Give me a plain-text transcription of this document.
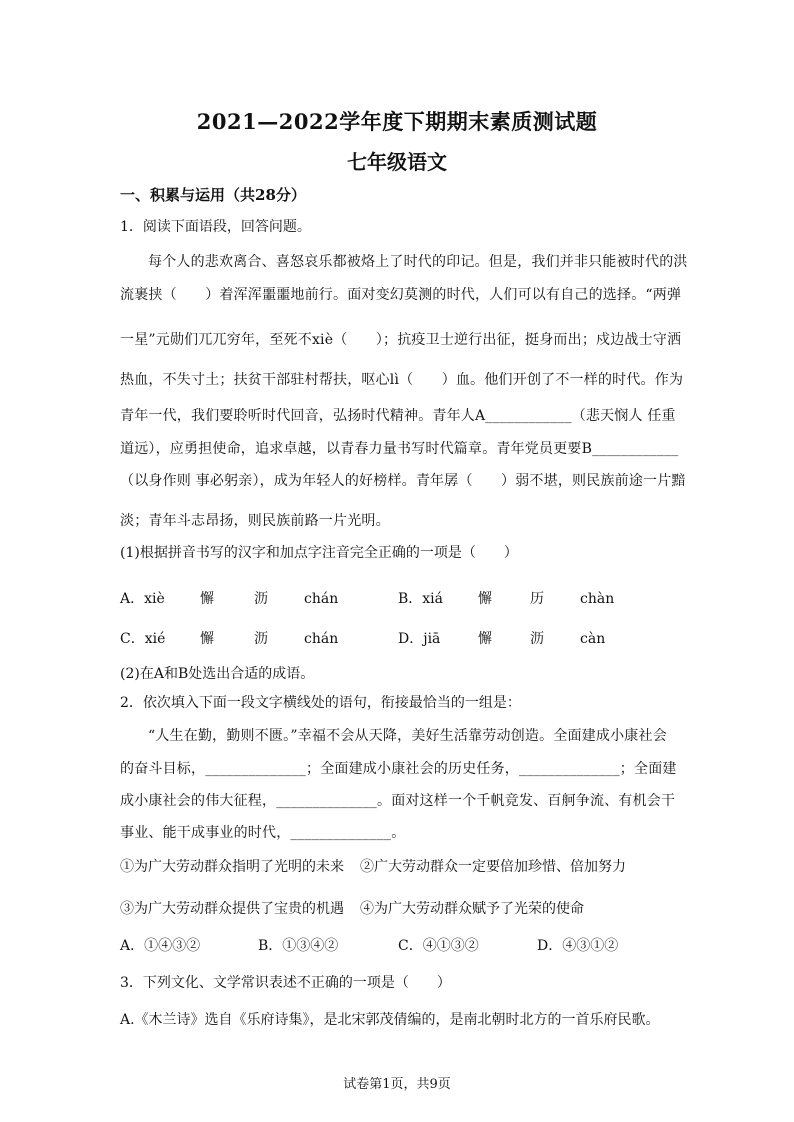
2021—2022学年度下期期末素质测试题
七年级语文
一、积累与运用（共28分）
1．阅读下面语段，回答问题。
每个人的悲欢离合、喜怒哀乐都被烙上了时代的印记。但是，我们并非只能被时代的洪
流裹挟（　　）着浑浑噩噩地前行。面对变幻莫测的时代，人们可以有自己的选择。“两弹
一星”元勋们兀兀穷年，至死不xiè（　　）；抗疫卫士逆行出征，挺身而出；戍边战士守洒
热血，不失寸土；扶贫干部驻村帮扶，呕心lì（　　）血。他们开创了不一样的时代。作为
青年一代，我们要聆听时代回音，弘扬时代精神。青年人A____________（悲天悯人 任重
道远），应勇担使命，追求卓越，以青春力量书写时代篇章。青年党员更要B____________
（以身作则 事必躬亲），成为年轻人的好榜样。青年孱（　　）弱不堪，则民族前途一片黯
淡；青年斗志昂扬，则民族前路一片光明。
(1)根据拼音书写的汉字和加点字注音完全正确的一项是（　　）
A．xiè	懈	沥	chán	B．xiá 懈	历	chàn
C．xié 懈	沥	chán	D．jiā	懈	沥	càn
(2)在A和B处选出合适的成语。
2．依次填入下面一段文字横线处的语句，衔接最恰当的一组是：
“人生在勤，勤则不匮。”幸福不会从天降，美好生活靠劳动创造。全面建成小康社会
的奋斗目标，______________；全面建成小康社会的历史任务，______________；全面建
成小康社会的伟大征程，______________。面对这样一个千帆竞发、百舸争流、有机会干
事业、能干成事业的时代，______________。
①为广大劳动群众指明了光明的未来 ②广大劳动群众一定要倍加珍惜、倍加努力
③为广大劳动群众提供了宝贵的机遇 ④为广大劳动群众赋予了光荣的使命
A．①④③②	B．①③④②	C．④①③②	D．④③①②
3．下列文化、文学常识表述不正确的一项是（　　）
A.《木兰诗》选自《乐府诗集》，是北宋郭茂倩编的，是南北朝时北方的一首乐府民歌。
试卷第1页，共9页
